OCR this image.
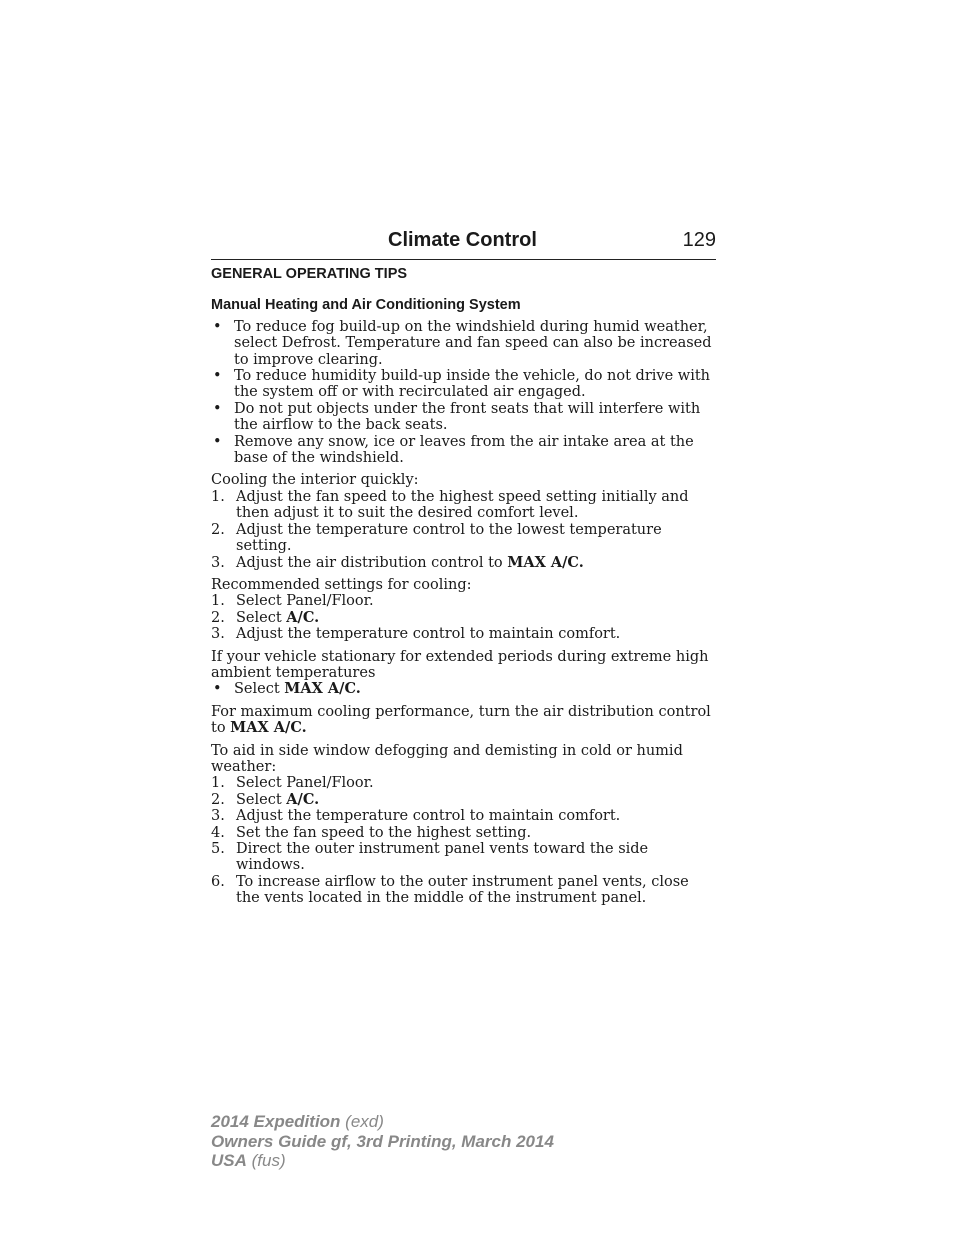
Climate Control	129
GENERAL OPERATING TIPS
Manual Heating and Air Conditioning System
• To reduce fog build-up on the windshield during humid weather, select Defrost. Temperature and fan speed can also be increased to improve clearing.
• To reduce humidity build-up inside the vehicle, do not drive with the system off or with recirculated air engaged.
• Do not put objects under the front seats that will interfere with the airflow to the back seats.
• Remove any snow, ice or leaves from the air intake area at the base of the windshield.

Cooling the interior quickly:

1. Adjust the fan speed to the highest speed setting initially and then adjust it to suit the desired comfort level.
2. Adjust the temperature control to the lowest temperature setting.
3. Adjust the air distribution control to MAX A/C.

Recommended settings for cooling:

1. Select Panel/Floor.
2. Select A/C.
3. Adjust the temperature control to maintain comfort.

If your vehicle stationary for extended periods during extreme high ambient temperatures

• Select MAX A/C.

For maximum cooling performance, turn the air distribution control to MAX A/C.

To aid in side window defogging and demisting in cold or humid weather:

1. Select Panel/Floor.
2. Select A/C.
3. Adjust the temperature control to maintain comfort.
4. Set the fan speed to the highest setting.
5. Direct the outer instrument panel vents toward the side windows.
6. To increase airflow to the outer instrument panel vents, close the vents located in the middle of the instrument panel.
2014 Expedition (exd)
Owners Guide gf, 3rd Printing, March 2014
USA (fus)
